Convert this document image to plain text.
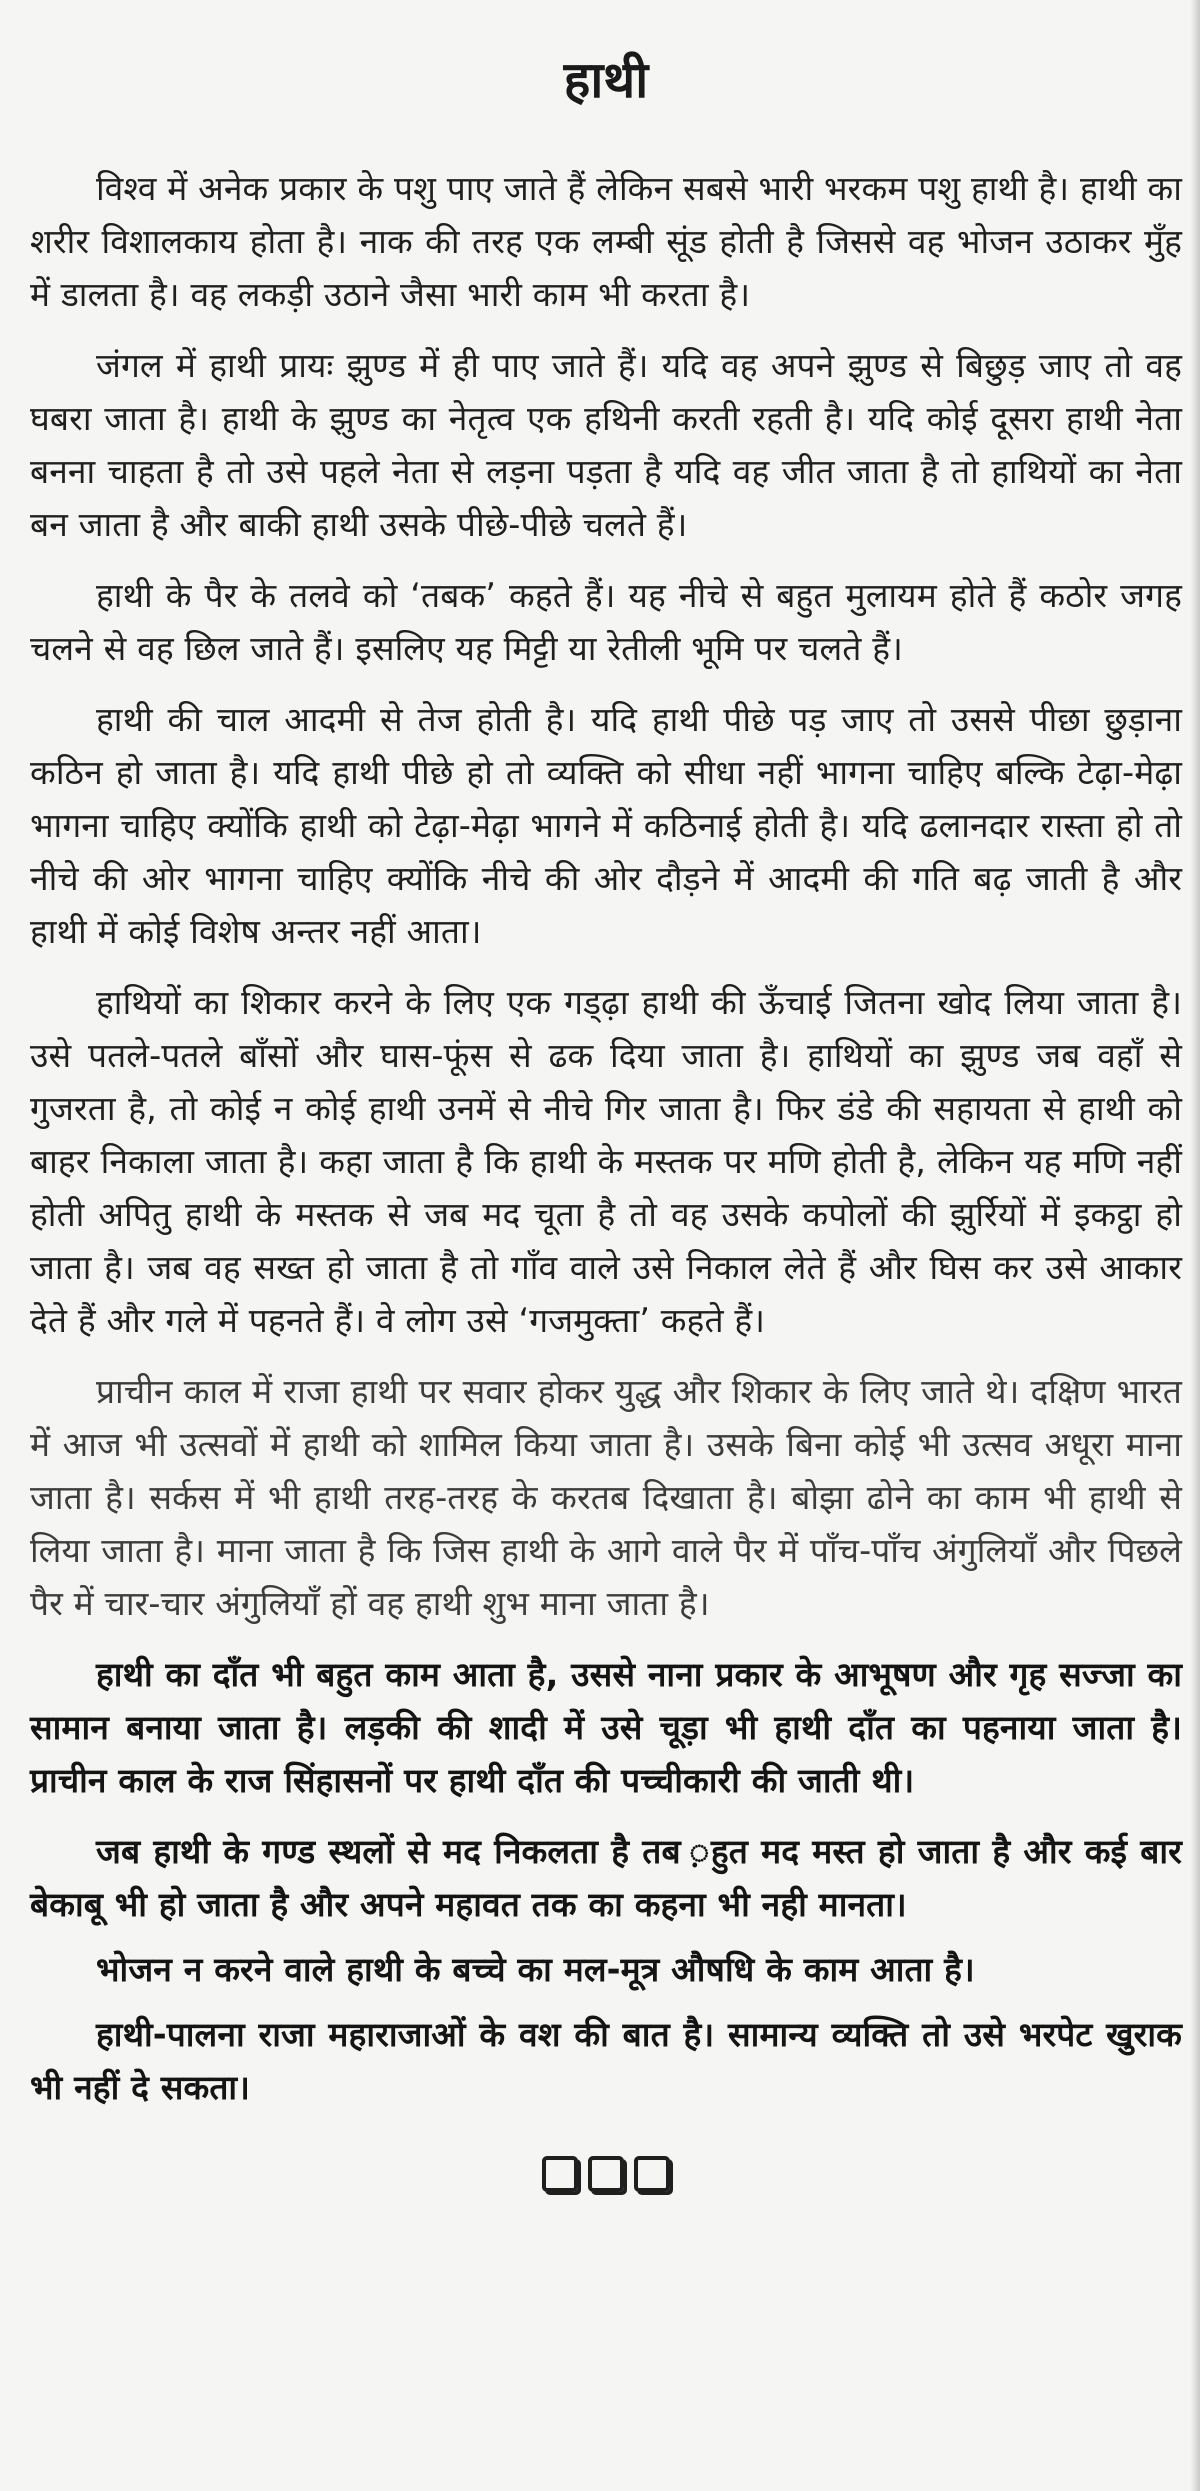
हाथी

विश्व में अनेक प्रकार के पशु पाए जाते हैं लेकिन सबसे भारी भरकम पशु हाथी है। हाथी का शरीर विशालकाय होता है। नाक की तरह एक लम्बी सूंड होती है जिससे वह भोजन उठाकर मुँह में डालता है। वह लकड़ी उठाने जैसा भारी काम भी करता है।

जंगल में हाथी प्रायः झुण्ड में ही पाए जाते हैं। यदि वह अपने झुण्ड से बिछुड़ जाए तो वह घबरा जाता है। हाथी के झुण्ड का नेतृत्व एक हथिनी करती रहती है। यदि कोई दूसरा हाथी नेता बनना चाहता है तो उसे पहले नेता से लड़ना पड़ता है यदि वह जीत जाता है तो हाथियों का नेता बन जाता है और बाकी हाथी उसके पीछे-पीछे चलते हैं।

हाथी के पैर के तलवे को ‘तबक’ कहते हैं। यह नीचे से बहुत मुलायम होते हैं कठोर जगह चलने से वह छिल जाते हैं। इसलिए यह मिट्टी या रेतीली भूमि पर चलते हैं।

हाथी की चाल आदमी से तेज होती है। यदि हाथी पीछे पड़ जाए तो उससे पीछा छुड़ाना कठिन हो जाता है। यदि हाथी पीछे हो तो व्यक्ति को सीधा नहीं भागना चाहिए बल्कि टेढ़ा-मेढ़ा भागना चाहिए क्योंकि हाथी को टेढ़ा-मेढ़ा भागने में कठिनाई होती है। यदि ढलानदार रास्ता हो तो नीचे की ओर भागना चाहिए क्योंकि नीचे की ओर दौड़ने में आदमी की गति बढ़ जाती है और हाथी में कोई विशेष अन्तर नहीं आता।

हाथियों का शिकार करने के लिए एक गड्ढ़ा हाथी की ऊँचाई जितना खोद लिया जाता है। उसे पतले-पतले बाँसों और घास-फूंस से ढक दिया जाता है। हाथियों का झुण्ड जब वहाँ से गुजरता है, तो कोई न कोई हाथी उनमें से नीचे गिर जाता है। फिर डंडे की सहायता से हाथी को बाहर निकाला जाता है। कहा जाता है कि हाथी के मस्तक पर मणि होती है, लेकिन यह मणि नहीं होती अपितु हाथी के मस्तक से जब मद चूता है तो वह उसके कपोलों की झुर्रियों में इकट्ठा हो जाता है। जब वह सख्त हो जाता है तो गाँव वाले उसे निकाल लेते हैं और घिस कर उसे आकार देते हैं और गले में पहनते हैं। वे लोग उसे ‘गजमुक्ता’ कहते हैं।

प्राचीन काल में राजा हाथी पर सवार होकर युद्ध और शिकार के लिए जाते थे। दक्षिण भारत में आज भी उत्सवों में हाथी को शामिल किया जाता है। उसके बिना कोई भी उत्सव अधूरा माना जाता है। सर्कस में भी हाथी तरह-तरह के करतब दिखाता है। बोझा ढोने का काम भी हाथी से लिया जाता है। माना जाता है कि जिस हाथी के आगे वाले पैर में पाँच-पाँच अंगुलियाँ और पिछले पैर में चार-चार अंगुलियाँ हों वह हाथी शुभ माना जाता है।

हाथी का दाँत भी बहुत काम आता है, उससे नाना प्रकार के आभूषण और गृह सज्जा का सामान बनाया जाता है। लड़की की शादी में उसे चूड़ा भी हाथी दाँत का पहनाया जाता है। प्राचीन काल के राज सिंहासनों पर हाथी दाँत की पच्चीकारी की जाती थी।

जब हाथी के गण्ड स्थलों से मद निकलता है तब ़हुत मद मस्त हो जाता है और कई बार बेकाबू भी हो जाता है और अपने महावत तक का कहना भी नही मानता।

भोजन न करने वाले हाथी के बच्चे का मल-मूत्र औषधि के काम आता है।

हाथी-पालना राजा महाराजाओं के वश की बात है। सामान्य व्यक्ति तो उसे भरपेट खुराक भी नहीं दे सकता।
